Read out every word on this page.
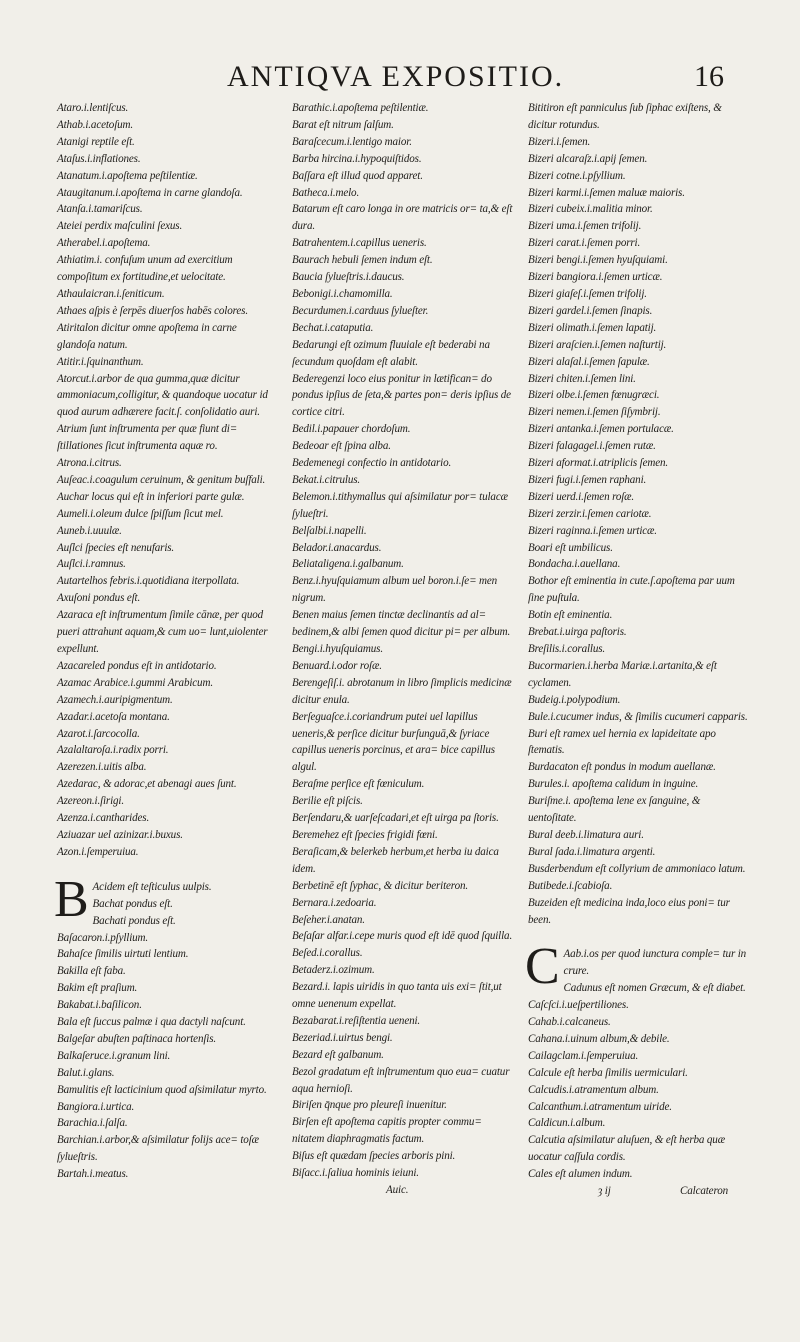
ANTIQVA EXPOSITIO.	16
Ataro.i.lentiſcus.
Athab.i.acetoſum.
Atanigi reptile eſt.
Ataſus.i.inflationes.
Atanatum.i.apoſtema peſtilentiæ.
Ataugitanum.i.apoſtema in carne glandoſa.
Atanſa.i.tamariſcus.
Ateiei perdix maſculini ſexus.
Atherabel.i.apoſtema.
Athiatim.i. confuſum unum ad exercitium compoſitum ex fortitudine,et uelocitate.
Athaulaicran.i.ſeniticum.
Athaes aſpis è ſerpēs diuerſos habēs colores.
Atiritalon dicitur omne apoſtema in carne glandoſa natum.
Atitir.i.ſquinanthum.
Atorcut.i.arbor de qua gumma,quæ dicitur ammoniacum,colligitur, & quandoque uocatur id quod aurum adhærere facit.ſ. conſolidatio auri.
Atrium ſunt inſtrumenta per quæ fiunt di= ſtillationes ſicut inſtrumenta aquæ ro.
Atrona.i.citrus.
Auſeac.i.coagulum ceruinum, & genitum buſfali.
Auchar locus qui eſt in inferiori parte gulæ.
Aumeli.i.oleum dulce ſpiſſum ſicut mel.
Auneb.i.uuulæ.
Auſlci ſpecies eſt nenufaris.
Auſlci.i.ramnus.
Autartelhos febris.i.quotidiana iterpollata.
Axuſoni pondus eſt.
Azaraca eſt inſtrumentum ſimile cānæ, per quod pueri attrahunt aquam,& cum uo= lunt,uiolenter expellunt.
Azacareled pondus eſt in antidotario.
Azamac Arabice.i.gummi Arabicum.
Azamech.i.auripigmentum.
Azadar.i.acetoſa montana.
Azarot.i.ſarcocolla.
Azalaltaroſa.i.radix porri.
Azerezen.i.uitis alba.
Azedarac, & adorac,et abenagi aues ſunt.
Azereon.i.ſirigi.
Azenza.i.cantharides.
Aziuazar uel azinizar.i.buxus.
Azon.i.ſemperuiua.
B Acidem eſt teſticulus uulpis.
Bachat pondus eſt.
Bachati pondus eſt.
Baſacaron.i.pſyllium.
Bahaſce ſimilis uirtuti lentium.
Bakilla eſt faba.
Bakim eſt praſium.
Bakabat.i.baſilicon.
Bala eſt ſuccus palmæ i qua dactyli naſcunt.
Balgeſar abuſten paſtinaca hortenſis.
Balkaſeruce.i.granum lini.
Balut.i.glans.
Bamulitis eſt lacticinium quod aſsimilatur myrto.
Bangiora.i.urtica.
Barachia.i.ſalſa.
Barchian.i.arbor,& aſsimilatur folijs ace= toſæ ſylueſtris.
Bartah.i.meatus.
Barathic.i.apoſtema peſtilentiæ.
Barat eſt nitrum ſalſum.
Baraſcecum.i.lentigo maior.
Barba hircina.i.hypoquiſtidos.
Baſſara eſt illud quod apparet.
Batheca.i.melo.
Batarum eſt caro longa in ore matricis or= ta,& eſt dura.
Batrahentem.i.capillus ueneris.
Baurach hebuli ſemen indum eſt.
Baucia ſylueſtris.i.daucus.
Bebonigi.i.chamomilla.
Becurdumen.i.carduus ſylueſter.
Bechat.i.cataputia.
Bedarungi eſt ozimum fluuiale eſt bederabi na ſecundum quoſdam eſt alabit.
Bederegenzi loco eius ponitur in lætifican= do pondus ipſius de ſeta,& partes pon= deris ipſius de cortice citri.
Bedil.i.papauer chordoſum.
Bedeoar eſt ſpina alba.
Bedemenegi confectio in antidotario.
Bekat.i.citrulus.
Belemon.i.tithymallus qui aſsimilatur por= tulacæ ſylueſtri.
Belſalbi.i.napelli.
Belador.i.anacardus.
Beliataligena.i.galbanum.
Benz.i.hyuſquiamum album uel boron.i.ſe= men nigrum.
Benen maius ſemen tinctæ declinantis ad al= bedinem,& albi ſemen quod dicitur pi= per album.
Bengi.i.hyuſquiamus.
Benuard.i.odor roſæ.
Berengeſiſ.i. abrotanum in libro ſimplicis medicinæ dicitur enula.
Berſeguaſce.i.coriandrum putei uel lapillus ueneris,& perſice dicitur burſunguā,& ſyriace capillus ueneris porcinus, et ara= bice capillus algul.
Beraſme perſice eſt fœniculum.
Berilie eſt piſcis.
Berſendaru,& uarſeſcadari,et eſt uirga pa ſtoris.
Beremehez eſt ſpecies frigidi fœni.
Beraſicam,& belerkeb herbum,et herba iu daica idem.
Berbetinē eſt ſyphac, & dicitur beriteron.
Bernara.i.zedoaria.
Beſeher.i.anatan.
Beſaſar alfar.i.cepe muris quod eſt idē quod ſquilla.
Beſed.i.corallus.
Betaderz.i.ozimum.
Bezard.i. lapis uiridis in quo tanta uis exi= ſtit,ut omne uenenum expellat.
Bezabarat.i.reſiſtentia ueneni.
Bezeriad.i.uirtus bengi.
Bezard eſt galbanum.
Bezol gradatum eſt inſtrumentum quo eua= cuatur aqua hernioſi.
Biriſen q̄nque pro pleureſi inuenitur.
Birſen eſt apoſtema capitis propter commu= nitatem diaphragmatis factum.
Biſus eſt quædam ſpecies arboris pini.
Biſacc.i.ſaliua hominis ieiuni.
Auic.
Bititiron eſt panniculus ſub ſiphac exiſtens, & dicitur rotundus.
Bizeri.i.ſemen.
Bizeri alcaraſz.i.apij ſemen.
Bizeri cotne.i.pſyllium.
Bizeri karmi.i.ſemen maluæ maioris.
Bizeri cubeix.i.malitia minor.
Bizeri uma.i.ſemen trifolij.
Bizeri carat.i.ſemen porri.
Bizeri bengi.i.ſemen hyuſquiami.
Bizeri bangiora.i.ſemen urticæ.
Bizeri giaſeſ.i.ſemen trifolij.
Bizeri gardel.i.ſemen ſinapis.
Bizeri olimath.i.ſemen lapatij.
Bizeri araſcien.i.ſemen naſturtij.
Bizeri alaſal.i.ſemen ſapulæ.
Bizeri chiten.i.ſemen lini.
Bizeri olbe.i.ſemen fœnugræci.
Bizeri nemen.i.ſemen ſiſymbrij.
Bizeri antanka.i.ſemen portulacæ.
Bizeri falagagel.i.ſemen rutæ.
Bizeri aformat.i.atriplicis ſemen.
Bizeri fugi.i.ſemen raphani.
Bizeri uerd.i.ſemen roſæ.
Bizeri zerzir.i.ſemen cariotæ.
Bizeri raginna.i.ſemen urticæ.
Boari eſt umbilicus.
Bondacha.i.auellana.
Bothor eſt eminentia in cute.ſ.apoſtema par uum ſine puſtula.
Botin eſt eminentia.
Brebat.i.uirga paſtoris.
Breſilis.i.corallus.
Bucormarien.i.herba Mariæ.i.artanita,& eſt cyclamen.
Budeig.i.polypodium.
Bule.i.cucumer indus, & ſimilis cucumeri capparis.
Buri eſt ramex uel hernia ex lapideitate apo ſtematis.
Burdacaton eſt pondus in modum auellanæ.
Burules.i. apoſtema calidum in inguine.
Buriſme.i. apoſtema lene ex ſanguine, & uentoſitate.
Bural deeb.i.limatura auri.
Bural ſada.i.limatura argenti.
Busderbendum eſt collyrium de ammoniaco latum.
Butibede.i.ſcabioſa.
Buzeiden eſt medicina inda,loco eius poni= tur been.
C Aab.i.os per quod iunctura comple= tur in crure.
Cadunus eſt nomen Græcum, & eſt diabet.
Caſcſci.i.ueſpertiliones.
Cahab.i.calcaneus.
Cahana.i.uinum album,& debile.
Cailagclam.i.ſemperuiua.
Calcule eſt herba ſimilis uermiculari.
Calcudis.i.atramentum album.
Calcanthum.i.atramentum uiride.
Caldicun.i.album.
Calcutia aſsimilatur aluſuen, & eſt herba quæ uocatur caſſula cordis.
Cales eſt alumen indum.
ȝ ij	Calcateron
